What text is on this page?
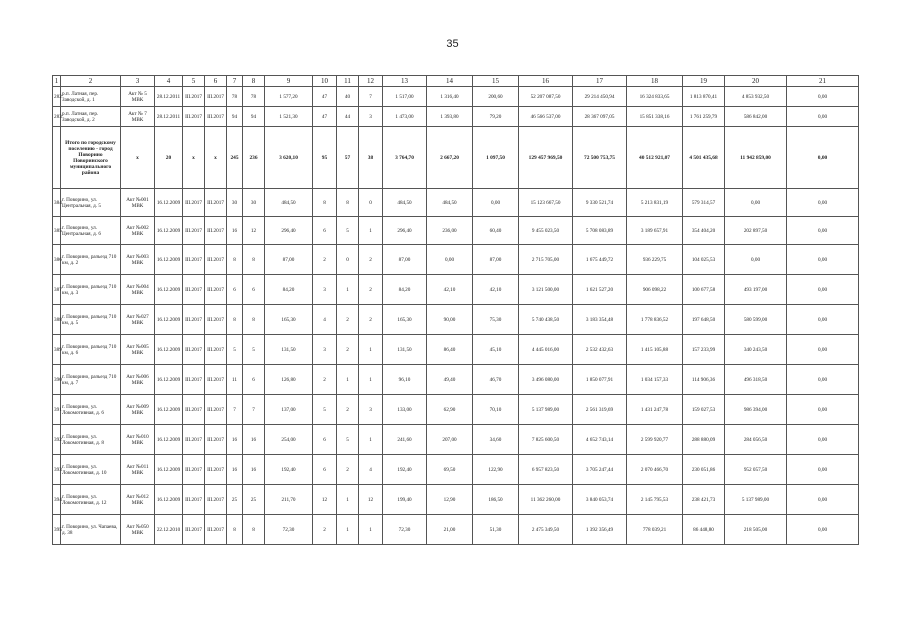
35
1	2	3	4	5	6	7	8	9	10	11	12	13	14	15	16	17	18	19	20	21
282	р.п. Латная, пер. Заводской, д. 1	Акт № 5 МВК	28.12.2011	III.2017	III.2017	78	78	1 577,20	47	40	7	1 517,00	1 316,40	200,60	52 207 087,50	29 214 450,94	16 324 833,65	1 813 870,41	4 853 932,50	0,00
283	р.п. Латная, пер. Заводской, д. 2	Акт № 7 МВК	28.12.2011	III.2017	III.2017	94	94	1 521,30	47	44	3	1 473,00	1 393,80	79,20	46 566 537,00	28 367 097,05	15 851 338,16	1 761 259,79	586 842,00	0,00
	Итого по городскому поселению - город Поворино Поворинского муниципального района	x	20	x	x	245	236	3 620,10	95	57	38	3 764,70	2 667,20	1 097,50	129 457 969,50	72 500 753,75	40 512 921,07	4 501 435,68	11 942 859,00	0,00
384	г. Поворино, ул. Центральная, д. 5	Акт №001 МВК	16.12.2009	III.2017	III.2017	30	30	484,50	8	8	0	484,50	484,50	0,00	15 123 667,50	9 330 521,74	5 213 831,19	579 314,57	0,00	0,00
385	г. Поворино, ул. Центральная, д. 6	Акт №002 МВК	16.12.2009	III.2017	III.2017	16	12	296,40	6	5	1	296,40	236,00	60,40	9 455 023,50	5 708 083,89	3 189 657,91	354 404,20	202 897,50	0,00
386	г. Поворино, разъезд 710 км, д. 2	Акт №003 МВК	16.12.2009	III.2017	III.2017	8	8	87,00	2	0	2	87,00	0,00	87,00	2 715 705,00	1 675 449,72	936 229,75	104 025,53	0,00	0,00
387	г. Поворино, разъезд 710 км, д. 3	Акт №004 МВК	16.12.2009	III.2017	III.2017	6	6	84,20	3	1	2	84,20	42,10	42,10	3 121 500,00	1 621 527,20	906 098,22	100 677,58	493 197,00	0,00
388	г. Поворино, разъезд 710 км, д. 5	Акт №027 МВК	16.12.2009	III.2017	III.2017	8	8	165,30	4	2	2	165,30	90,00	75,30	5 740 438,50	3 183 354,48	1 778 836,52	197 648,50	580 599,00	0,00
389	г. Поворино, разъезд 710 км, д. 6	Акт №005 МВК	16.12.2009	III.2017	III.2017	5	5	131,50	3	2	1	131,50	86,40	45,10	4 445 016,00	2 532 432,63	1 415 105,88	157 233,99	340 243,50	0,00
390	г. Поворино, разъезд 710 км, д. 7	Акт №006 МВК	16.12.2009	III.2017	III.2017	11	6	126,80	2	1	1	96,10	49,40	46,70	3 496 080,00	1 850 077,91	1 034 157,33	114 906,36	496 318,50	0,00
391	г. Поворино, ул. Локомотивная, д. 6	Акт №009 МВК	16.12.2009	III.2017	III.2017	7	7	137,00	5	2	3	133,00	62,90	70,10	5 137 989,00	2 561 319,69	1 431 247,78	159 027,53	986 394,00	0,00
392	г. Поворино, ул. Локомотивная, д. 8	Акт №010 МВК	16.12.2009	III.2017	III.2017	16	16	254,00	6	5	1	241,60	207,00	34,60	7 825 600,50	4 652 743,14	2 599 920,77	288 880,09	284 056,50	0,00
393	г. Поворино, ул. Локомотивная, д. 10	Акт №011 МВК	16.12.2009	III.2017	III.2017	16	16	192,40	6	2	4	192,40	69,50	122,90	6 957 823,50	3 705 247,44	2 070 466,70	230 051,86	952 057,50	0,00
394	г. Поворино, ул. Локомотивная, д. 12	Акт №012 МВК	16.12.2009	III.2017	III.2017	25	25	211,70	12	1	12	199,40	12,90	186,50	11 362 260,00	3 840 053,74	2 145 795,53	238 421,73	5 137 989,00	0,00
395	г. Поворино, ул. Чапаева, д. 38	Акт №050 МВК	22.12.2010	III.2017	III.2017	8	8	72,30	2	1	1	72,30	21,00	51,30	2 475 349,50	1 392 356,49	778 039,21	86 448,80	218 505,00	0,00
